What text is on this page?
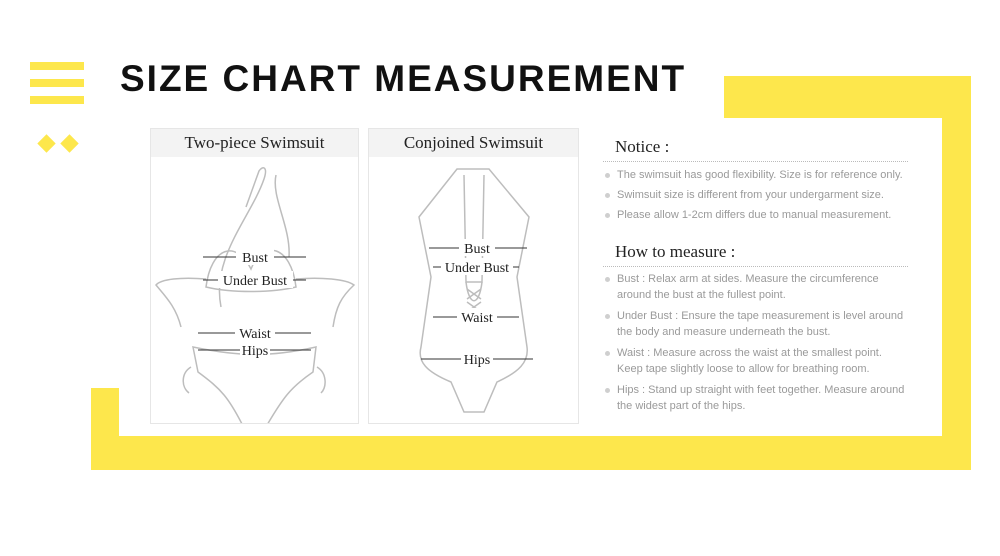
SIZE CHART MEASUREMENT
Two-piece Swimsuit
Bust
Under Bust
Waist
Hips
Conjoined Swimsuit
Bust
Under Bust
Waist
Hips
Notice :
The swimsuit has good flexibility. Size is for reference only.
Swimsuit size is different from your undergarment size.
Please allow 1-2cm differs due to manual measurement.
How to measure :
Bust : Relax arm at sides. Measure the circumference around the bust at the fullest point.
Under Bust : Ensure the tape measurement is level around the body and measure underneath the bust.
Waist : Measure across the waist at the smallest point. Keep tape slightly loose to allow for breathing room.
Hips : Stand up straight with feet together. Measure around the widest part of the hips.
